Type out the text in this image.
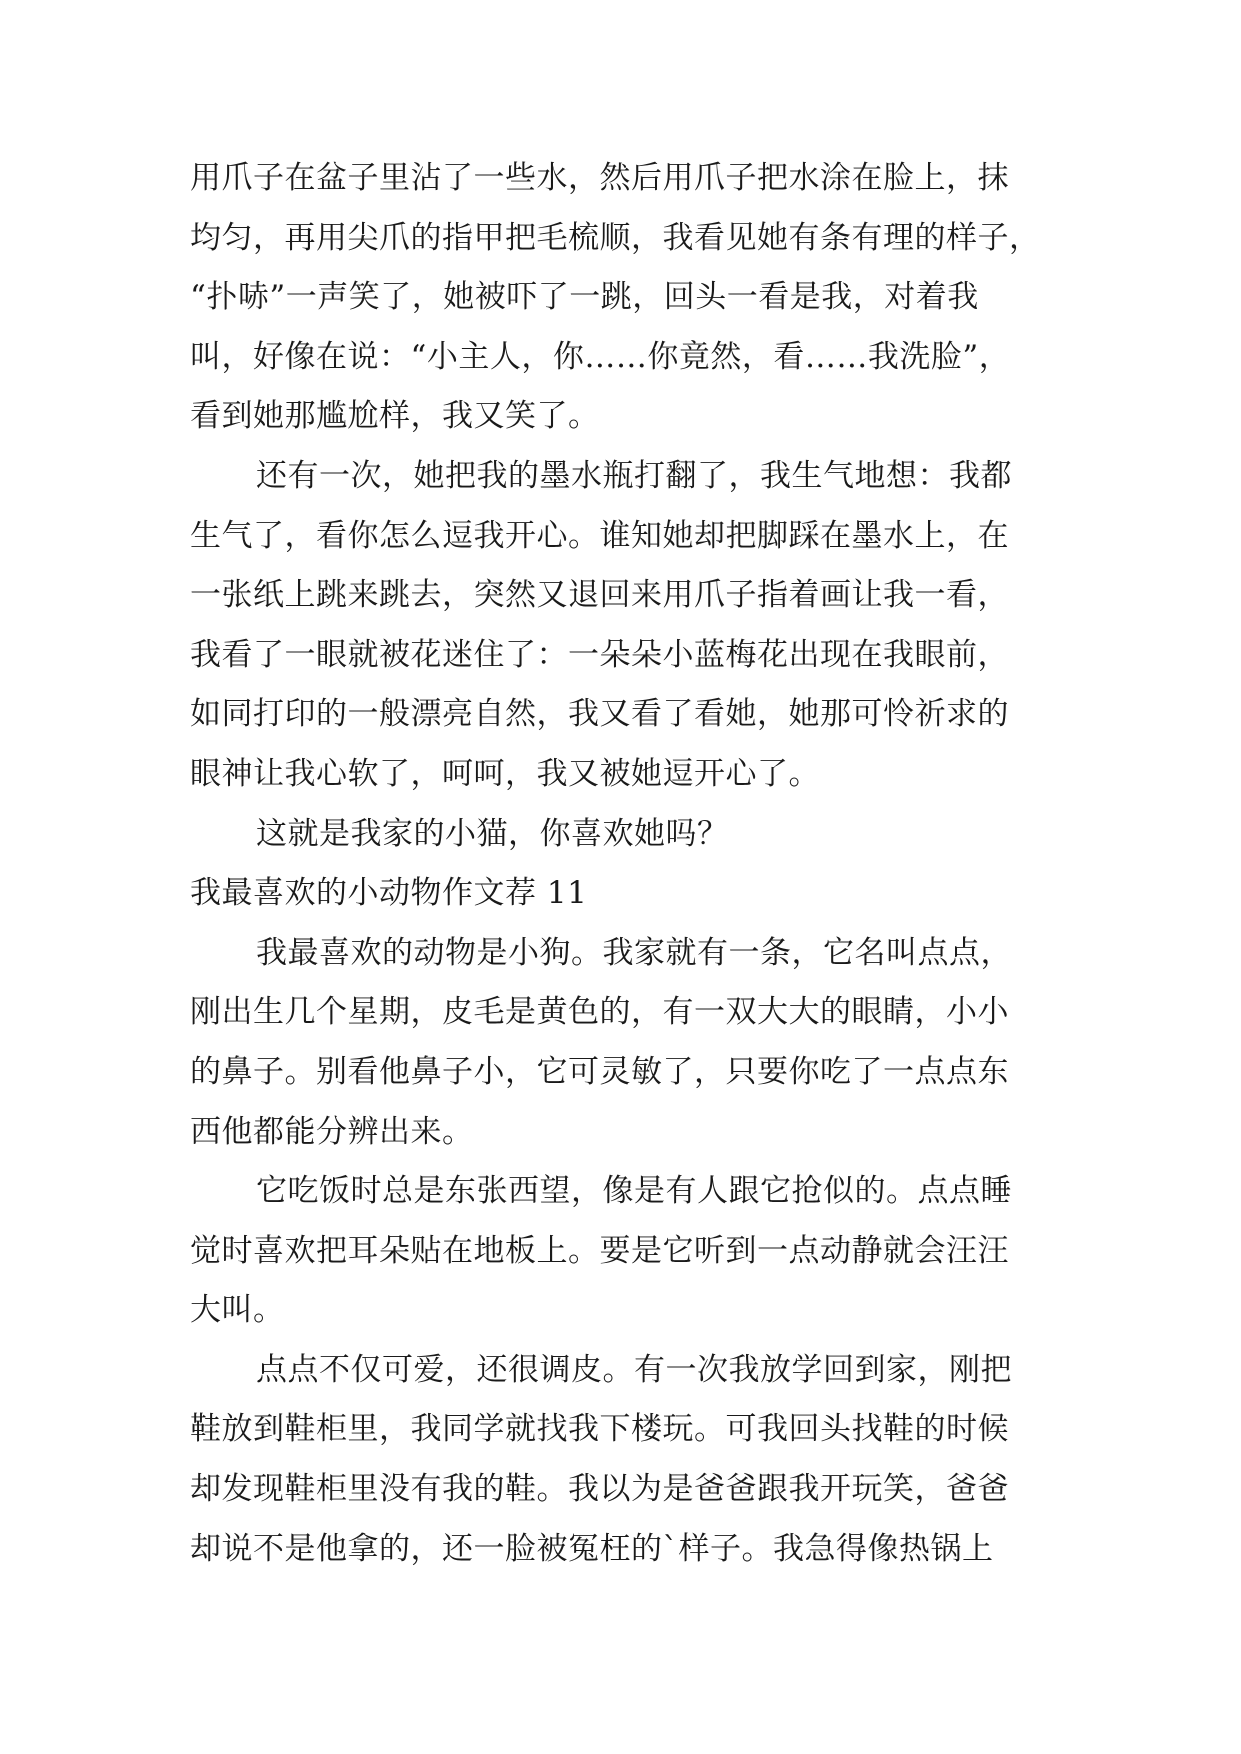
用爪子在盆子里沾了一些水，然后用爪子把水涂在脸上，抹
均匀，再用尖爪的指甲把毛梳顺，我看见她有条有理的样子，
“扑哧”一声笑了，她被吓了一跳，回头一看是我，对着我
叫，好像在说：“小主人，你……你竟然，看……我洗脸”，
看到她那尴尬样，我又笑了。
还有一次，她把我的墨水瓶打翻了，我生气地想：我都
生气了，看你怎么逗我开心。谁知她却把脚踩在墨水上，在
一张纸上跳来跳去，突然又退回来用爪子指着画让我一看，
我看了一眼就被花迷住了：一朵朵小蓝梅花出现在我眼前，
如同打印的一般漂亮自然，我又看了看她，她那可怜祈求的
眼神让我心软了，呵呵，我又被她逗开心了。
这就是我家的小猫，你喜欢她吗？
我最喜欢的小动物作文荐 11
我最喜欢的动物是小狗。我家就有一条，它名叫点点，
刚出生几个星期，皮毛是黄色的，有一双大大的眼睛，小小
的鼻子。别看他鼻子小，它可灵敏了，只要你吃了一点点东
西他都能分辨出来。
它吃饭时总是东张西望，像是有人跟它抢似的。点点睡
觉时喜欢把耳朵贴在地板上。要是它听到一点动静就会汪汪
大叫。
点点不仅可爱，还很调皮。有一次我放学回到家，刚把
鞋放到鞋柜里，我同学就找我下楼玩。可我回头找鞋的时候
却发现鞋柜里没有我的鞋。我以为是爸爸跟我开玩笑，爸爸
却说不是他拿的，还一脸被冤枉的`样子。我急得像热锅上
